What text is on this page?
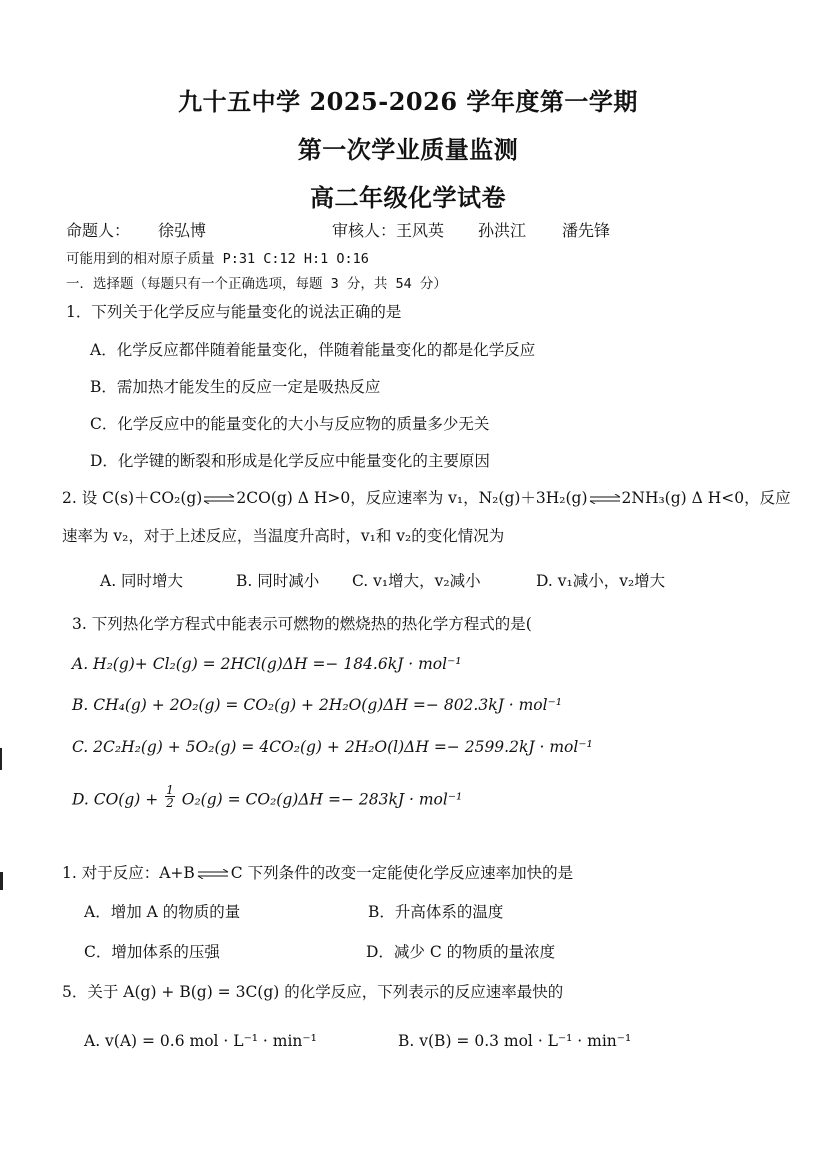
九十五中学 2025-2026 学年度第一学期
第一次学业质量监测
高二年级化学试卷
命题人： 徐弘博	审核人：王风英 孙洪江 潘先锋
可能用到的相对原子质量 P:31 C:12 H:1 O:16
一．选择题（每题只有一个正确选项，每题 3 分，共 54 分）
1．下列关于化学反应与能量变化的说法正确的是
A．化学反应都伴随着能量变化，伴随着能量变化的都是化学反应
B．需加热才能发生的反应一定是吸热反应
C．化学反应中的能量变化的大小与反应物的质量多少无关
D．化学键的断裂和形成是化学反应中能量变化的主要原因
2. 设 C(s)＋CO₂(g)⇌2CO(g) Δ H>0，反应速率为 v₁，N₂(g)＋3H₂(g)⇌2NH₃(g) Δ H<0，反应
速率为 v₂，对于上述反应，当温度升高时，v₁和 v₂的变化情况为
A. 同时增大	B. 同时减小 C. v₁增大，v₂减小	D. v₁减小，v₂增大
3. 下列热化学方程式中能表示可燃物的燃烧热的热化学方程式的是(
A. H₂(g)+ Cl₂(g) = 2HCl(g)ΔH =− 184.6kJ · mol⁻¹
B. CH₄(g) + 2O₂(g) = CO₂(g) + 2H₂O(g)ΔH =− 802.3kJ · mol⁻¹
C. 2C₂H₂(g) + 5O₂(g) = 4CO₂(g) + 2H₂O(l)ΔH =− 2599.2kJ · mol⁻¹
D. $CO(g) + \frac{1}{2} O_2(g) = CO_2(g)\Delta H =- 283kJ \cdot mol^{-1}$
1. 对于反应：A+B⇌C 下列条件的改变一定能使化学反应速率加快的是
A．增加 A 的物质的量	B．升高体系的温度
C．增加体系的压强	D．减少 C 的物质的量浓度
5．关于 A(g) + B(g) = 3C(g) 的化学反应，下列表示的反应速率最快的
A. v(A) = 0.6 mol · L⁻¹ · min⁻¹	B. v(B) = 0.3 mol · L⁻¹ · min⁻¹
